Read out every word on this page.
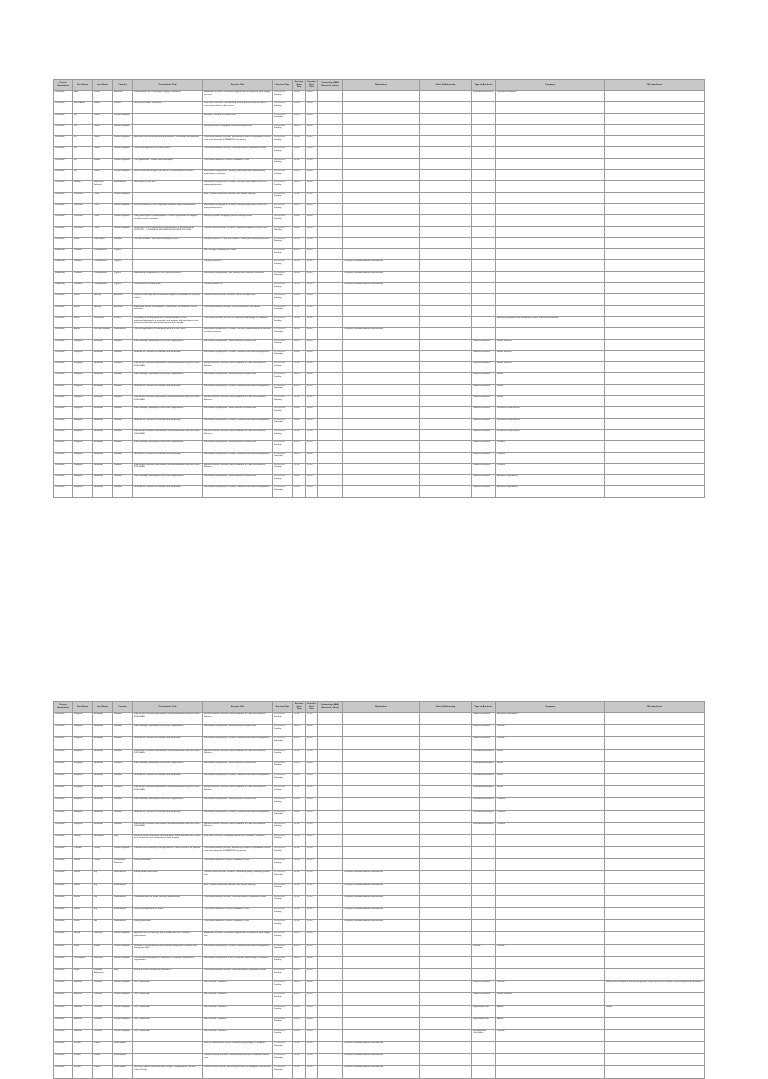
Person Nominated	First Name	Last Name	Country	Presentation Title	Session Title	Session Date	Session Start Time	Session End Time	Ownership (HBA Research, other)	Moderators	Other Relationship	Type of Business	Company	OR stated here
Presenter	Axel	Kanio	Australia	International trial in Managed supply of medicine	Additional Sessions: Innovation approaches to medicine data supply use trial	16-10-2022 Sunday	09:00	09:30				Investment/Research	Innovation Medicine	
Presenter	Bernadette	Mellor	Ireland	Nurse prescribers in practice	WHO/IMF Session: Transforming clinical practice with the role of nurse prescribers in the review	16-10-2022 Sunday	09:00	09:30						
Presenter	Su	Jones	United Kingdom		Nursing - Practice in clinical care	17-10-2022 Saturday	09:00	09:30						
Presenter	Su	Jones	United Kingdom		Nursing session: Engaging clinical nursing issues	16-10-2022 Sunday	09:00	09:30						
Presenter	Su	Jones	United Kingdom	Assessor free Enhancing nursing practice - evaluation and portfolio	Concurrent plenary session: Enhancing research in paediatric critical care and maternity SUMMATIVE of practice	16-10-2022 Sunday	10:00	10:30						
Presenter	Su	Jones	United Kingdom	Clinical perspectives on critical illness	Concurrent plenary session: Communication in paediatric health	16-10-2022 Sunday	10:00	10:30						
Presenter	Su	Moore	United Kingdom	Trial application - written and developed	Concurrent SAGENS Clinical Paediatrics Care	16-10-2022 Sunday	11:00	11:30						
Presenter	Su	Jones	United Kingdom	How to translate design and learn in a multi-national research	Educational symposium: Nursing, Educating and Implementing innovations in practice	16-10-2022 Sunday	09:00	09:00						
Presenter	Ifeanyi	Ekwueme Ashaolu	Netherlands	New effects in the MIC	Educational symposium: SOBER: Nursing, Birth, About Focus on integrated practice	16-10-2022 Sunday	08:00	08:00						
Presenter	Lucianne	Trout	United Kingdom		ASF: Quarter Education session: BIG BERM Nursing	16-10-2022 Sunday	11:00	11:00						
Presenter	Lucianne	Trout	United Kingdom	IMSCN evidence in the respiratory complex stage development	Educational symposium: SOBER: Nursing Baby Stress Focus on integrated practice	16-10-2022 Sunday	09:00	09:00						
Presenter	Lucianne	Trout	United Kingdom	Long term impact of development, Clinical significance of support activities and its research	Nursing Session: Engaging clinical nursing issues	16-10-2022 Sunday	09:00	09:00						
Presenter	Lucianne	Trout	United Kingdom	Reflections and Environmental determinants in developmental SUPPORT - CLAUSENS MODERN HOMOGENOUS LINK	Clinical health session: SOBER - Maternal support in critical care	17-10-2022 Monday	09:00	09:00						
Presenter	Kalila	Goncharya	Sweden	Our own monitor - does your following hit you?	Plenary session IV: Join our children - share your following success	17-10-2022 Monday	11:30	11:30						
Moderator	Yabatuo	Coalquenosa	Cyprus		Bell Through Learning the Future	16-10-2022 Sunday	09:00	09:30						
Moderator	Yabatuo	Coalquenosa	Cyprus		Plenary session VI	16-10-2022 Sunday	11:30	11:30		Cauhana Sharaburu Athina Kamilitsivaki				
Moderator	Yabatuo	Coalquenosa	Cyprus	Maintaining independent is this a good predictor?	Educational symposium: ISA: Bathing with intensive infections	17-10-2022 Saturday	09:00	09:30		Cauhana Sharaburu Athina Kamilitsivaki				
Moderator	Yabatuo	Coalquenosa	Cyprus	Perspectives of whole brain	Plenary session VII	16-10-2022 Sunday	11:30	11:30		Cauhana Sharaburu Athina Kamilitsivaki				
Presenter	Busin	Bhutay	Australia	What to cover high flow in ventilator support for newborn or very low infants	Clinical health session: SOBER - HFNC in High Flow	16-10-2022 Sunday	09:00	09:00						
Presenter	Busin	Bhutay	Australia	Integrative nurses for newborns: World trials ,all neonates critical neonates	Concurrent plenary session: Critical Intensive Care Health	17-10-2022 Saturday	11:00	11:00						
Presenter	Busin	Kormanua	France	Feasibility of dosing protocol & Pharmacokinetic of the amikacin/tobramycin in neonates and preterm with gentamicin and premature-fed trials with extremely low birth weight	Concurrent session: ES ESPR: Neonatal Nephrology & Paediatric	16-10-2022 Sunday	11:00	11:30					Assessor prediction and validation of most subclinical outcomes	
Presenter	Agnes	van den Hoogen	Netherlands	Clinical implications of changing practice in the Dutch	Educational symposium: SOBER: Nursing: Implementing the benefits in clinical practice	17-10-2022 Saturday	08:00	08:00		Cauhana Sharaburu Athina Kamilitsivaki				
Presenter	Marghae	Bramaldi	Sweden	Infant feeding: advantages and future supplements?	Educational symposium - Birth Nutrition in whole fund	16-10-2022 Sunday	09:00	09:00				General Business	Baxter Inhouse	
Presenter	Marghae	Bramaldi	Sweden	Nutrition on Outcome of Nutrition and Innovation	Educational symposium: SOBER: Nutrition and Infant Management	17-10-2022 Saturday	09:00	09:00				General Business	Baxter Inhouse	
Presenter	Marghae	Bramaldi	Sweden	Intervention nutrition requirements and determination from the WHO, ESPGHAN	Benefit research Session: Birth Feedback in Peds and Nutrition Balance	16-10-2022 Sunday	11:00	11:30				General Business	Baxter Inhouse	
Presenter	Marghae	Bramaldi	Sweden	Infant feeding: advantages and future supplements?	Educational symposium - Birth Nutrition in whole fund	16-10-2022 Sunday	09:00	09:00				General Business	Nestle	
Presenter	Marghae	Bramaldi	Sweden	Nutrition on Outcome of Nutrition and Innovation	Educational symposium: SOBER: Nutrition and Infant Management	17-10-2022 Saturday	09:00	09:00				General Business	Nestle	
Presenter	Marghae	Bramaldi	Sweden	Intervention nutrition requirements and determination from the WHO, ESPGHAN	Benefit research Session: Birth Feedback in Peds and Nutrition Balance	16-10-2022 Monday	11:00	11:30				General Business	Nestle	
Presenter	Marghae	Bramaldi	Sweden	Infant feeding: advantages and future supplements?	Educational symposium - Birth Nutrition in whole fund	16-10-2022 Sunday	09:00	09:00				General Business	Fresenius Kabi/Nutricia	
Presenter	Marghae	Bramaldi	Sweden	Nutrition on Outcome of Nutrition and Innovation	Educational symposium: SOBER: Nutrition and Infant Management	17-10-2022 Saturday	09:00	09:00				General Business	Fresenius Kabi/Nutricia	
Presenter	Marghae	Bramaldi	Sweden	Intervention nutrition requirements and determination from the WHO, ESPGHAN	Benefit research Session: Birth Feedback in Peds and Nutrition Balance	16-10-2022 Sunday	11:00	11:30				General Business	Fresenius Kabi/Nutricia	
Presenter	Marghae	Bramaldi	Sweden	Infant feeding: advantages and future supplements?	Educational symposium - Birth Nutrition in whole fund	16-10-2022 Sunday	09:00	09:00				General Business	Prolacta	
Presenter	Marghae	Bramaldi	Sweden	Nutrition on Outcome of Nutrition and Innovation	Educational symposium: SOBER: Nutrition and Infant Management	17-10-2022 Saturday	09:00	09:00				General Business	Prolacta	
Presenter	Marghae	Bramaldi	Sweden	Intervention nutrition requirements and determination from the WHO, ESPGHAN	Benefit research Session: Birth Feedback in Peds and Nutrition Balance	16-10-2022 Sunday	11:00	11:30				General Business	Prolacta	
Presenter	Marghae	Bramaldi	Sweden	Infant feeding: advantages and future supplements?	Educational symposium - Birth Nutrition in whole fund	16-10-2022 Sunday	09:00	09:00				General Business	Ausnutria Ingredients	
Presenter	Marghae	Bramaldi	Sweden	Nutrition on Outcome of Nutrition and Innovation	Educational symposium: SOBER: Nutrition and Infant Management	17-10-2022 Saturday	09:00	09:00				General Business	Ausnutria Ingredients	
Person Nominated	First Name	Last Name	Country	Presentation Title	Session Title	Session Date	Session Start Time	Session End Time	Ownership (HBA Research, other)	Moderators	Other Relationship	Type of Business	Company	OR stated here
Presenter	Marghae	Bramaldi	Sweden	Intervention nutrition requirements and determination from the WHO, ESPGHAN	Benefit research Session: Birth Feedback in Peds and Nutrition Balance	16-10-2022 Sunday	11:00	11:30				General Business	Ausnutria Ingredients	
Presenter	Marghae	Bramaldi	Sweden	Infant feeding: advantages and future supplements?	Educational symposium - Birth Nutrition in whole fund	16-10-2022 Sunday	09:00	09:00				General Business	Lactalis	
Presenter	Marghae	Bramaldi	Sweden	Nutrition on Outcome of Nutrition and Innovation	Educational symposium: SOBER: Nutrition and Infant Management	17-10-2022 Saturday	09:00	09:00				General Business	Lactalis	
Presenter	Marghae	Bramaldi	Sweden	Intervention nutrition requirements and determination from the WHO, ESPGHAN	Benefit research Session: Birth Feedback in Peds and Nutrition Balance	16-10-2022 Sunday	11:00	11:30				Investment/Research	Nestle	
Presenter	Marghae	Bramaldi	Sweden	Infant feeding: advantages and future supplements?	Educational symposium - Birth Nutrition in whole fund	16-10-2022 Sunday	09:00	09:00				Investment/Research	Nestle	
Presenter	Marghae	Bramaldi	Sweden	Nutrition on Outcome of Nutrition and Innovation	Educational symposium: SOBER: Nutrition and Infant Management	17-10-2022 Saturday	09:00	09:00				Investment/Research	Nestle	
Presenter	Marghae	Bramaldi	Sweden	Intervention nutrition requirements and determination from the WHO, ESPGHAN	Benefit research Session: Birth Feedback in Peds and Nutrition Balance	16-10-2022 Sunday	11:00	11:30				Investment/Research	Nestle	
Presenter	Marghae	Bramaldi	Sweden	Infant feeding: advantages and future supplements?	Educational symposium - Birth Nutrition in whole fund	16-10-2022 Sunday	09:00	09:00				Investment/Research	Prolacta	
Presenter	Marghae	Bramaldi	Sweden	Nutrition on Outcome of Nutrition and Innovation	Educational symposium: SOBER: Nutrition and Infant Management	17-10-2022 Saturday	09:00	09:00				Investment/Research	Prolacta	
Presenter	Marghae	Bramaldi	Sweden	Intervention nutrition requirements and determination from the WHO, ESPGHAN	Benefit research Session: Birth Feedback in Peds and Nutrition Balance	16-10-2022 Sunday	11:00	11:30				Investment/Research	Prolacta	
Presenter	Nienke	Breithardt	Italy	When to pursue and when to discontinue: when intensive care ,when to re-invent the new innovation of fetal surgery	WHO/IMF Session: Preparing Families for Perinatal Outcomes	16-10-2022 Sunday	11:00	11:00						
Presenter	Thimble	Vasey	United Kingdom	Parental free Enhancing nursing practice - Brief research for parents	Concurrent plenary session: Enhancing research in paediatric critical care and maternity SUMMATIVE of practice	16-10-2022 Sunday	11:00	11:00						
Presenter	Sanliv	Cutay	United Arab Emirates	Family Education	Concurrent SAGENS Clinical Paediatrics Care	16-10-2022 Sunday	11:00	11:30						
Presenter	Sanliv	Ely	Netherlands	Family Health Education	Clinical health session: SOBER - Educating family, enabling parents feel	17-10-2022 Saturday	11:00	11:00		Cauhana Sharaburu Athina Kamilitsivaki				
Presenter	Sanliv	Ely	Netherlands		ASF: Quarter Education session: BIG BERM Nursing	16-10-2022 Sunday	11:00	11:00		Cauhana Sharaburu Athina Kamilitsivaki				
Presenter	Sanliv	Ely	Netherlands	Communication for future Nursing Implemented	Concurrent plenary session: Communication in paediatric health	16-10-2022 Sunday	11:00	11:00		Cauhana Sharaburu Athina Kamilitsivaki				
Presenter	Sanliv	Ely	Netherlands	Clinical perspectives on SHRP	Concurrent SAGENS Clinical Paediatrics Care	16-10-2022 Sunday	11:00	11:30		Cauhana Sharaburu Athina Kamilitsivaki				
Presenter	Frank	Hill	Netherlands	Family Education	Concurrent SAGENS Clinical Paediatrics Care	16-10-2022 Sunday	11:00	11:30		Cauhana Sharaburu Athina Kamilitsivaki				
Presenter	Nicole	Johnson	United Kingdom	Approach to care delivery, when SHAW and UK Pandemic government	Additional Sessions: Innovation approaches to medicine data supply use	16-10-2022 Sunday	09:00	09:30						
Presenter	Lotus	Ivanek	United Kingdom	Nutrition in Development Early Nutrition Integration, Nutrition role through to 1000	Educational symposium: SOBER: Nutrition and Infant Management	17-10-2022 Saturday	09:00	09:00				Lactalis	Lactalis	
Presenter	Christopher	Roussos	United Kingdom	The overall development of Neonatal & Perinatal collaborative registrations	Educational symposium: ESPR: Neonatal Nephrology & Paediatric	16-10-2022 Sunday	09:00	09:00						
Presenter	Ivana	Dillabaly Aliganzuy	Italy	Why are nurses leaving the workforce?	Concurrent plenary session: Communication in paediatric health	16-10-2022 Sunday	09:00	09:00						
Presenter	Barbara	Jacarda	United Kingdom	GIFT Immersion	Bell Session: Pediatrics	16-10-2022 Sunday	09:00	09:00				General Business	Lactalis	Baxter will be limited to discussing general clinical practice in relation to post-implantation guidance
Presenter	Barbara	Jacarda	United Kingdom	GIFT Immersion	Bell Session: Pediatrics	16-10-2022 Sunday	09:00	09:00				General Business	Nestle Nutrition	
Presenter	Barbara	Jacarda	United Kingdom	GIFT Immersion	Bell Session: Pediatrics	16-10-2022 Sunday	09:00	09:00				Reportable/Paid	Abbott	Grifols
Presenter	Barbara	Jacarda	United Kingdom	GIFT Immersion	Bell Session: Pediatrics	16-10-2022 Sunday	09:00	09:00				Reportable/Paid	Abbott	
Presenter	Barbara	Jacarda	United Kingdom	GIFT Immersion	Bell Session: Pediatrics	16-10-2022 Sunday	09:00	09:00				Rallying/Bank Consultant	Lactalis	
Presenter	Kirsten	Zinnia	Netherlands		How to communicate ESPR: Neonatal Nephrology & Paediatric	17-10-2022 Saturday	11:00	11:30		Cauhana Sharaburu Athina Kamilitsivaki				
Presenter	Kirsten	Zinnia	Netherlands		Clinical Nursing Session: Transforming Nursing in Paediatric health care	17-10-2022 Saturday	11:00	11:30		Cauhana Sharaburu Athina Kamilitsivaki				
Presenter	Kirsten	Zinnia	Netherlands	Nursing Children Delivering and Design - Supporting in General Cohort Study	Clinical health session: Enhancing research in paediatric critical care	17-10-2022 Saturday	11:00	11:30		Cauhana Sharaburu Athina Kamilitsivaki				
